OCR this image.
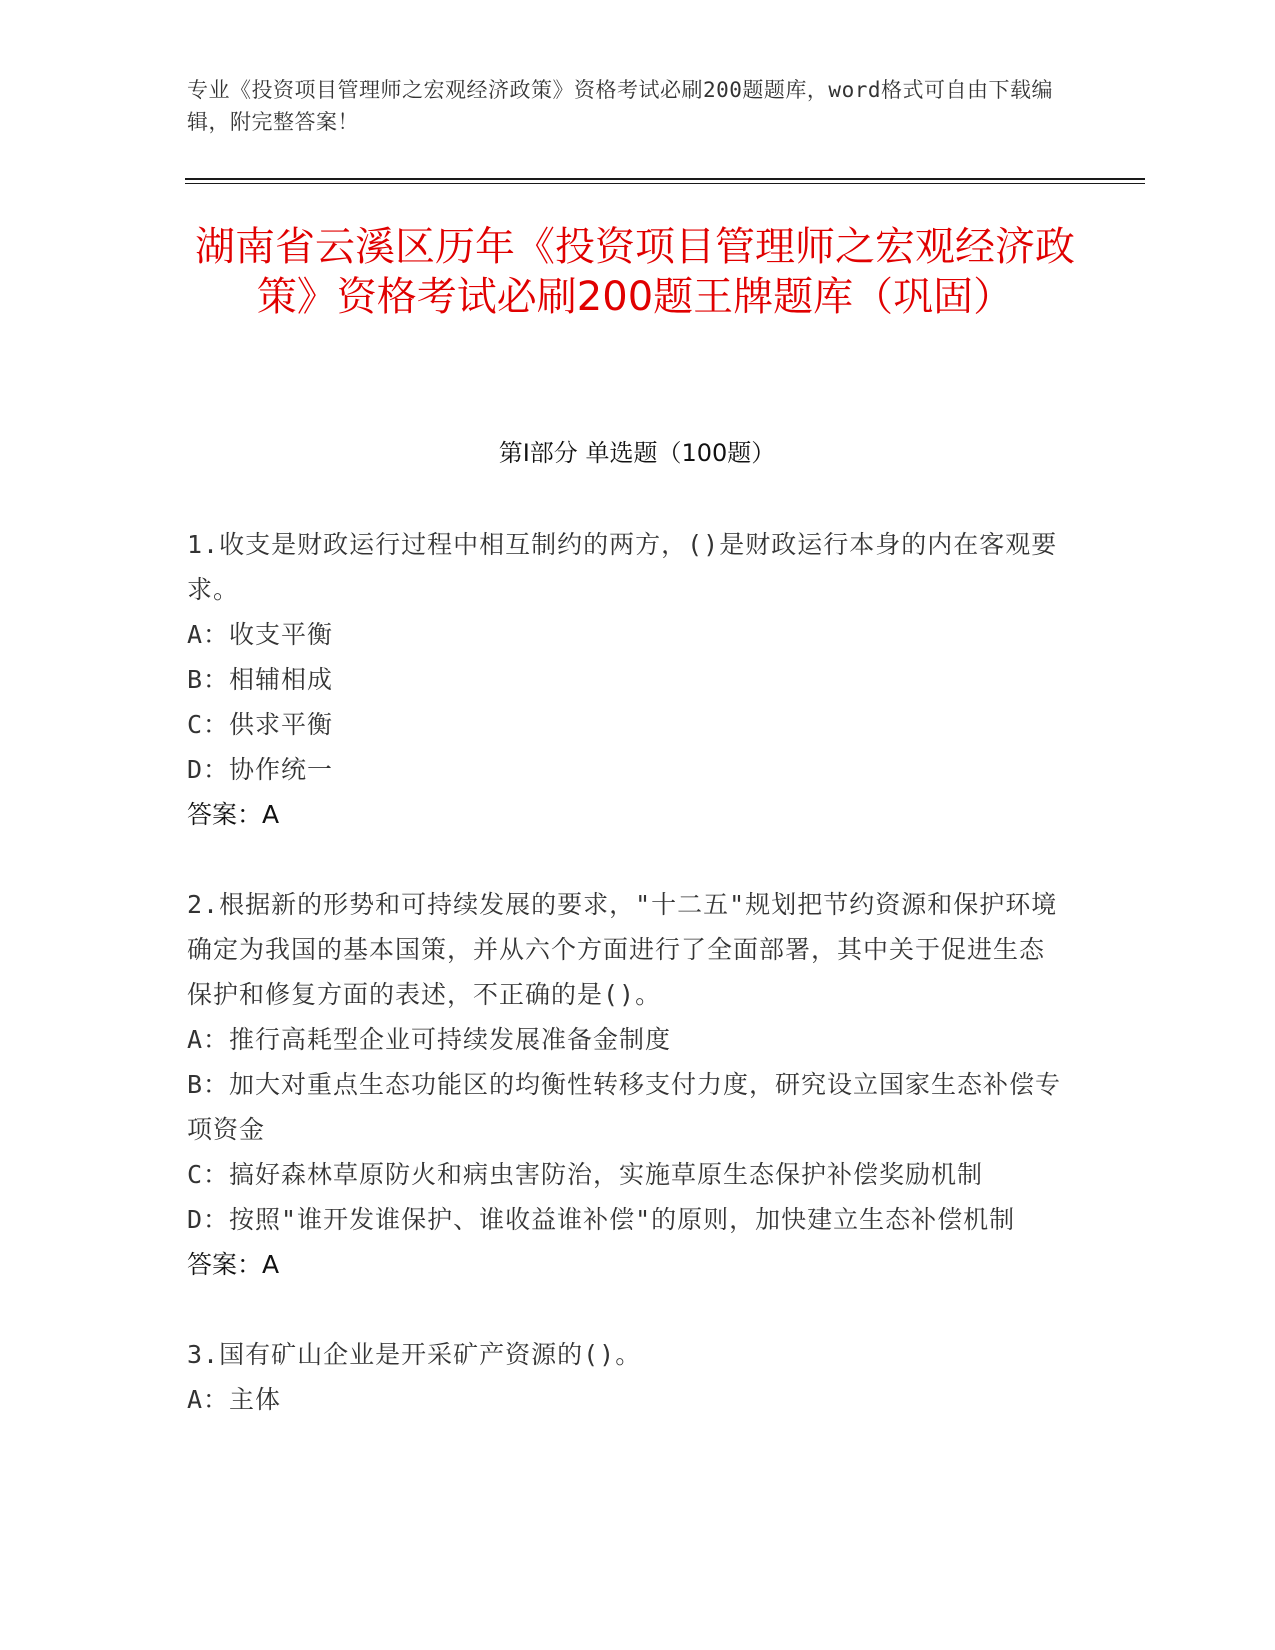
专业《投资项目管理师之宏观经济政策》资格考试必刷200题题库，word格式可自由下载编辑，附完整答案！
湖南省云溪区历年《投资项目管理师之宏观经济政策》资格考试必刷200题王牌题库（巩固）
第Ⅰ部分 单选题（100题）

1.收支是财政运行过程中相互制约的两方，()是财政运行本身的内在客观要求。

A：收支平衡

B：相辅相成

C：供求平衡

D：协作统一

答案：A

2.根据新的形势和可持续发展的要求，"十二五"规划把节约资源和保护环境确定为我国的基本国策，并从六个方面进行了全面部署，其中关于促进生态保护和修复方面的表述，不正确的是()。

A：推行高耗型企业可持续发展准备金制度

B：加大对重点生态功能区的均衡性转移支付力度，研究设立国家生态补偿专项资金

C：搞好森林草原防火和病虫害防治，实施草原生态保护补偿奖励机制

D：按照"谁开发谁保护、谁收益谁补偿"的原则，加快建立生态补偿机制

答案：A

3.国有矿山企业是开采矿产资源的()。

A：主体
